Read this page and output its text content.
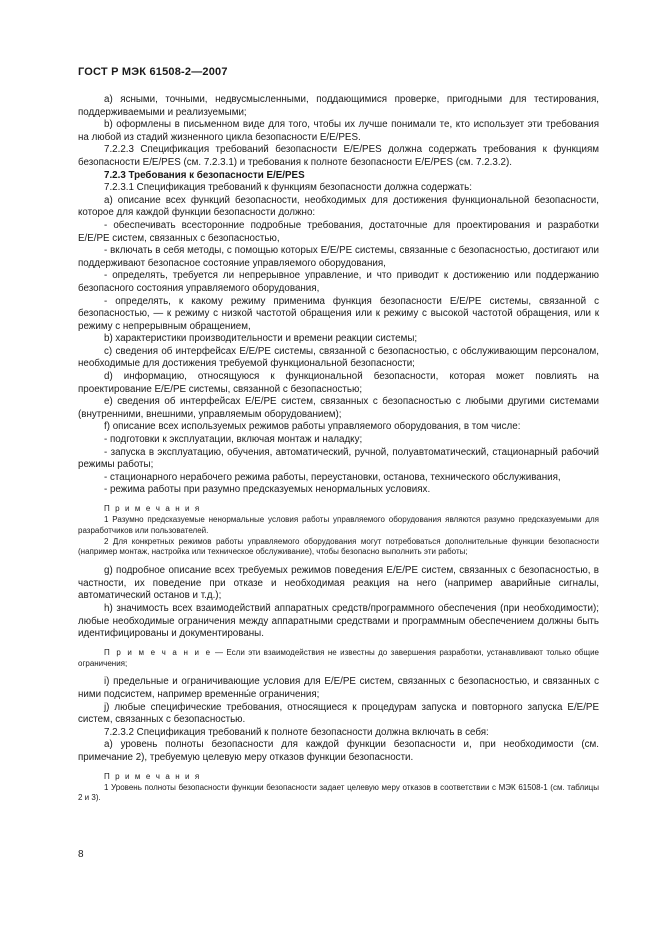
ГОСТ Р МЭК 61508-2—2007

а) ясными, точными, недвусмысленными, поддающимися проверке, пригодными для тестирования, поддерживаемыми и реализуемыми;

b) оформлены в письменном виде для того, чтобы их лучше понимали те, кто использует эти требования на любой из стадий жизненного цикла безопасности E/E/PES.

7.2.2.3 Спецификация требований безопасности E/E/PES должна содержать требования к функциям безопасности E/E/PES (см. 7.2.3.1) и требования к полноте безопасности E/E/PES (см. 7.2.3.2).

7.2.3 Требования к безопасности E/E/PES

7.2.3.1 Спецификация требований к функциям безопасности должна содержать:

а) описание всех функций безопасности, необходимых для достижения функциональной безопасности, которое для каждой функции безопасности должно:

- обеспечивать всесторонние подробные требования, достаточные для проектирования и разработки E/E/PE систем, связанных с безопасностью,

- включать в себя методы, с помощью которых E/E/PE системы, связанные с безопасностью, достигают или поддерживают безопасное состояние управляемого оборудования,

- определять, требуется ли непрерывное управление, и что приводит к достижению или поддержанию безопасного состояния управляемого оборудования,

- определять, к какому режиму применима функция безопасности E/E/PE системы, связанной с безопасностью, — к режиму с низкой частотой обращения или к режиму с высокой частотой обращения, или к режиму с непрерывным обращением,

b) характеристики производительности и времени реакции системы;

c) сведения об интерфейсах E/E/PE системы, связанной с безопасностью, с обслуживающим персоналом, необходимые для достижения требуемой функциональной безопасности;

d) информацию, относящуюся к функциональной безопасности, которая может повлиять на проектирование E/E/PE системы, связанной с безопасностью;

e) сведения об интерфейсах E/E/PE систем, связанных с безопасностью с любыми другими системами (внутренними, внешними, управляемым оборудованием);

f) описание всех используемых режимов работы управляемого оборудования, в том числе:

- подготовки к эксплуатации, включая монтаж и наладку;

- запуска в эксплуатацию, обучения, автоматический, ручной, полуавтоматический, стационарный рабочий режимы работы;

- стационарного нерабочего режима работы, переустановки, останова, технического обслуживания,

- режима работы при разумно предсказуемых ненормальных условиях.

П р и м е ч а н и я

1 Разумно предсказуемые ненормальные условия работы управляемого оборудования являются разумно предсказуемыми для разработчиков или пользователей.

2 Для конкретных режимов работы управляемого оборудования могут потребоваться дополнительные функции безопасности (например монтаж, настройка или техническое обслуживание), чтобы безопасно выполнить эти работы;

g) подробное описание всех требуемых режимов поведения E/E/PE систем, связанных с безопасностью, в частности, их поведение при отказе и необходимая реакция на него (например аварийные сигналы, автоматический останов и т.д.);

h) значимость всех взаимодействий аппаратных средств/программного обеспечения (при необходимости); любые необходимые ограничения между аппаратными средствами и программным обеспечением должны быть идентифицированы и документированы.

П р и м е ч а н и е — Если эти взаимодействия не известны до завершения разработки, устанавливают только общие ограничения;

i) предельные и ограничивающие условия для E/E/PE систем, связанных с безопасностью, и связанных с ними подсистем, например временны́е ограничения;

j) любые специфические требования, относящиеся к процедурам запуска и повторного запуска E/E/PE систем, связанных с безопасностью.

7.2.3.2 Спецификация требований к полноте безопасности должна включать в себя:

а) уровень полноты безопасности для каждой функции безопасности и, при необходимости (см. примечание 2), требуемую целевую меру отказов функции безопасности.

П р и м е ч а н и я

1 Уровень полноты безопасности функции безопасности задает целевую меру отказов в соответствии с МЭК 61508-1 (см. таблицы 2 и 3).

8
